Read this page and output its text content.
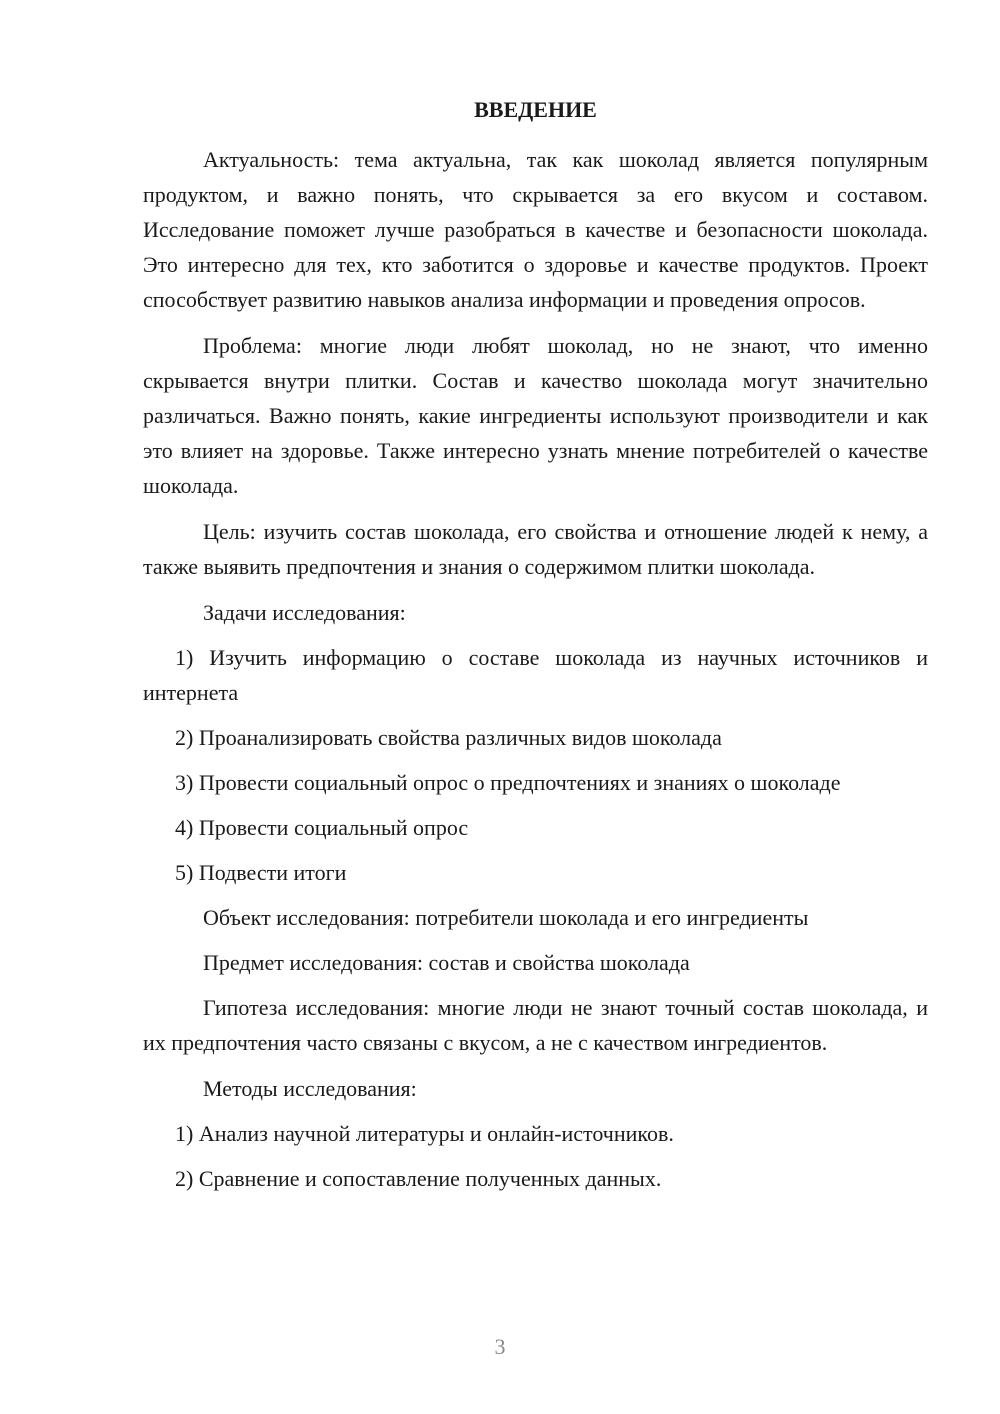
ВВЕДЕНИЕ

Актуальность: тема актуальна, так как шоколад является популярным продуктом, и важно понять, что скрывается за его вкусом и составом. Исследование поможет лучше разобраться в качестве и безопасности шоколада. Это интересно для тех, кто заботится о здоровье и качестве продуктов. Проект способствует развитию навыков анализа информации и проведения опросов.

Проблема: многие люди любят шоколад, но не знают, что именно скрывается внутри плитки. Состав и качество шоколада могут значительно различаться. Важно понять, какие ингредиенты используют производители и как это влияет на здоровье. Также интересно узнать мнение потребителей о качестве шоколада.

Цель: изучить состав шоколада, его свойства и отношение людей к нему, а также выявить предпочтения и знания о содержимом плитки шоколада.

Задачи исследования:

1) Изучить информацию о составе шоколада из научных источников и интернета

2) Проанализировать свойства различных видов шоколада

3) Провести социальный опрос о предпочтениях и знаниях о шоколаде

4) Провести социальный опрос

5) Подвести итоги

Объект исследования: потребители шоколада и его ингредиенты

Предмет исследования: состав и свойства шоколада

Гипотеза исследования: многие люди не знают точный состав шоколада, и их предпочтения часто связаны с вкусом, а не с качеством ингредиентов.

Методы исследования:

1) Анализ научной литературы и онлайн-источников.

2) Сравнение и сопоставление полученных данных.

3
